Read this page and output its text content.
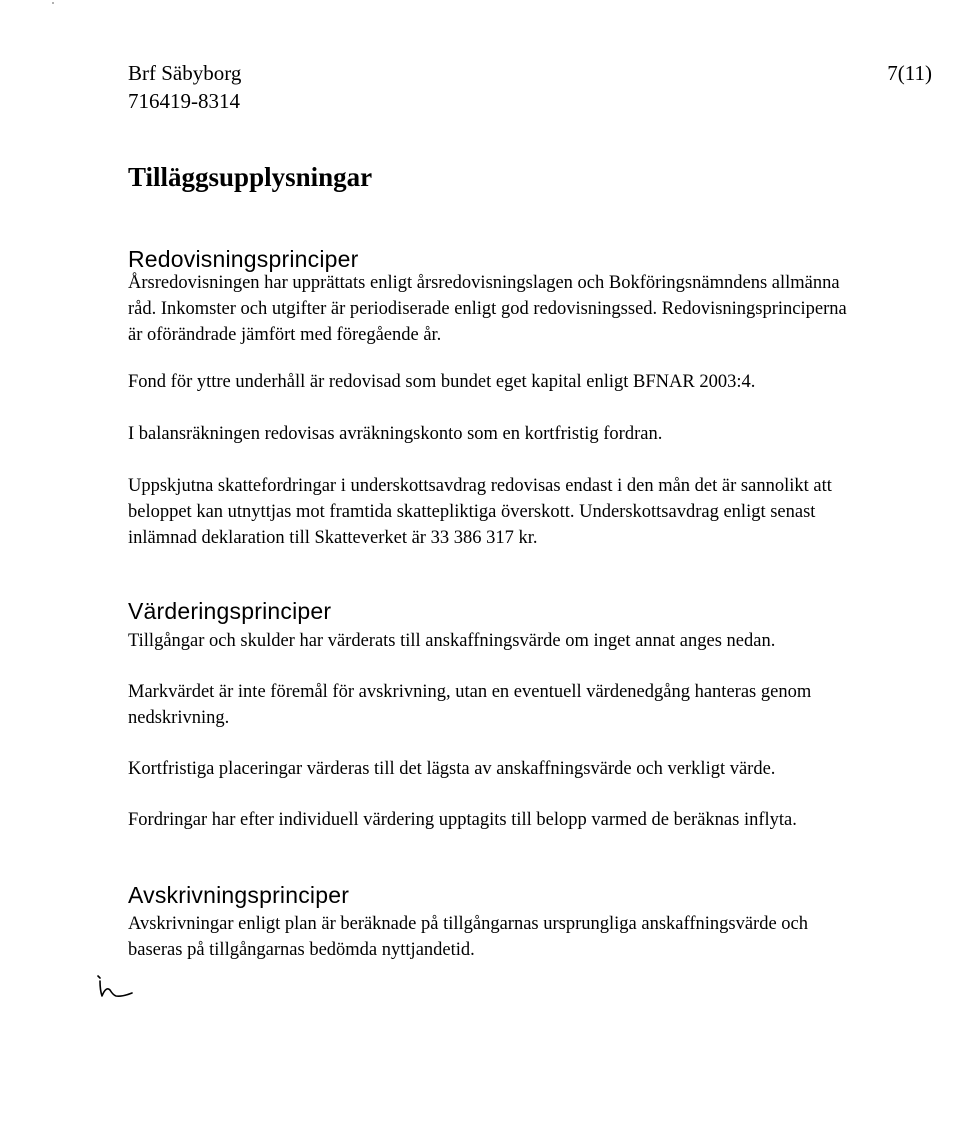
Brf Säbyborg
716419-8314
7(11)
Tilläggsupplysningar
Redovisningsprinciper

Årsredovisningen har upprättats enligt årsredovisningslagen och Bokföringsnämndens allmänna
råd. Inkomster och utgifter är periodiserade enligt god redovisningssed. Redovisningsprinciperna
är oförändrade jämfört med föregående år.

Fond för yttre underhåll är redovisad som bundet eget kapital enligt BFNAR 2003:4.

I balansräkningen redovisas avräkningskonto som en kortfristig fordran.

Uppskjutna skattefordringar i underskottsavdrag redovisas endast i den mån det är sannolikt att
beloppet kan utnyttjas mot framtida skattepliktiga överskott. Underskottsavdrag enligt senast
inlämnad deklaration till Skatteverket är 33 386 317 kr.

Värderingsprinciper

Tillgångar och skulder har värderats till anskaffningsvärde om inget annat anges nedan.

Markvärdet är inte föremål för avskrivning, utan en eventuell värdenedgång hanteras genom
nedskrivning.

Kortfristiga placeringar värderas till det lägsta av anskaffningsvärde och verkligt värde.

Fordringar har efter individuell värdering upptagits till belopp varmed de beräknas inflyta.

Avskrivningsprinciper

Avskrivningar enligt plan är beräknade på tillgångarnas ursprungliga anskaffningsvärde och
baseras på tillgångarnas bedömda nyttjandetid.
